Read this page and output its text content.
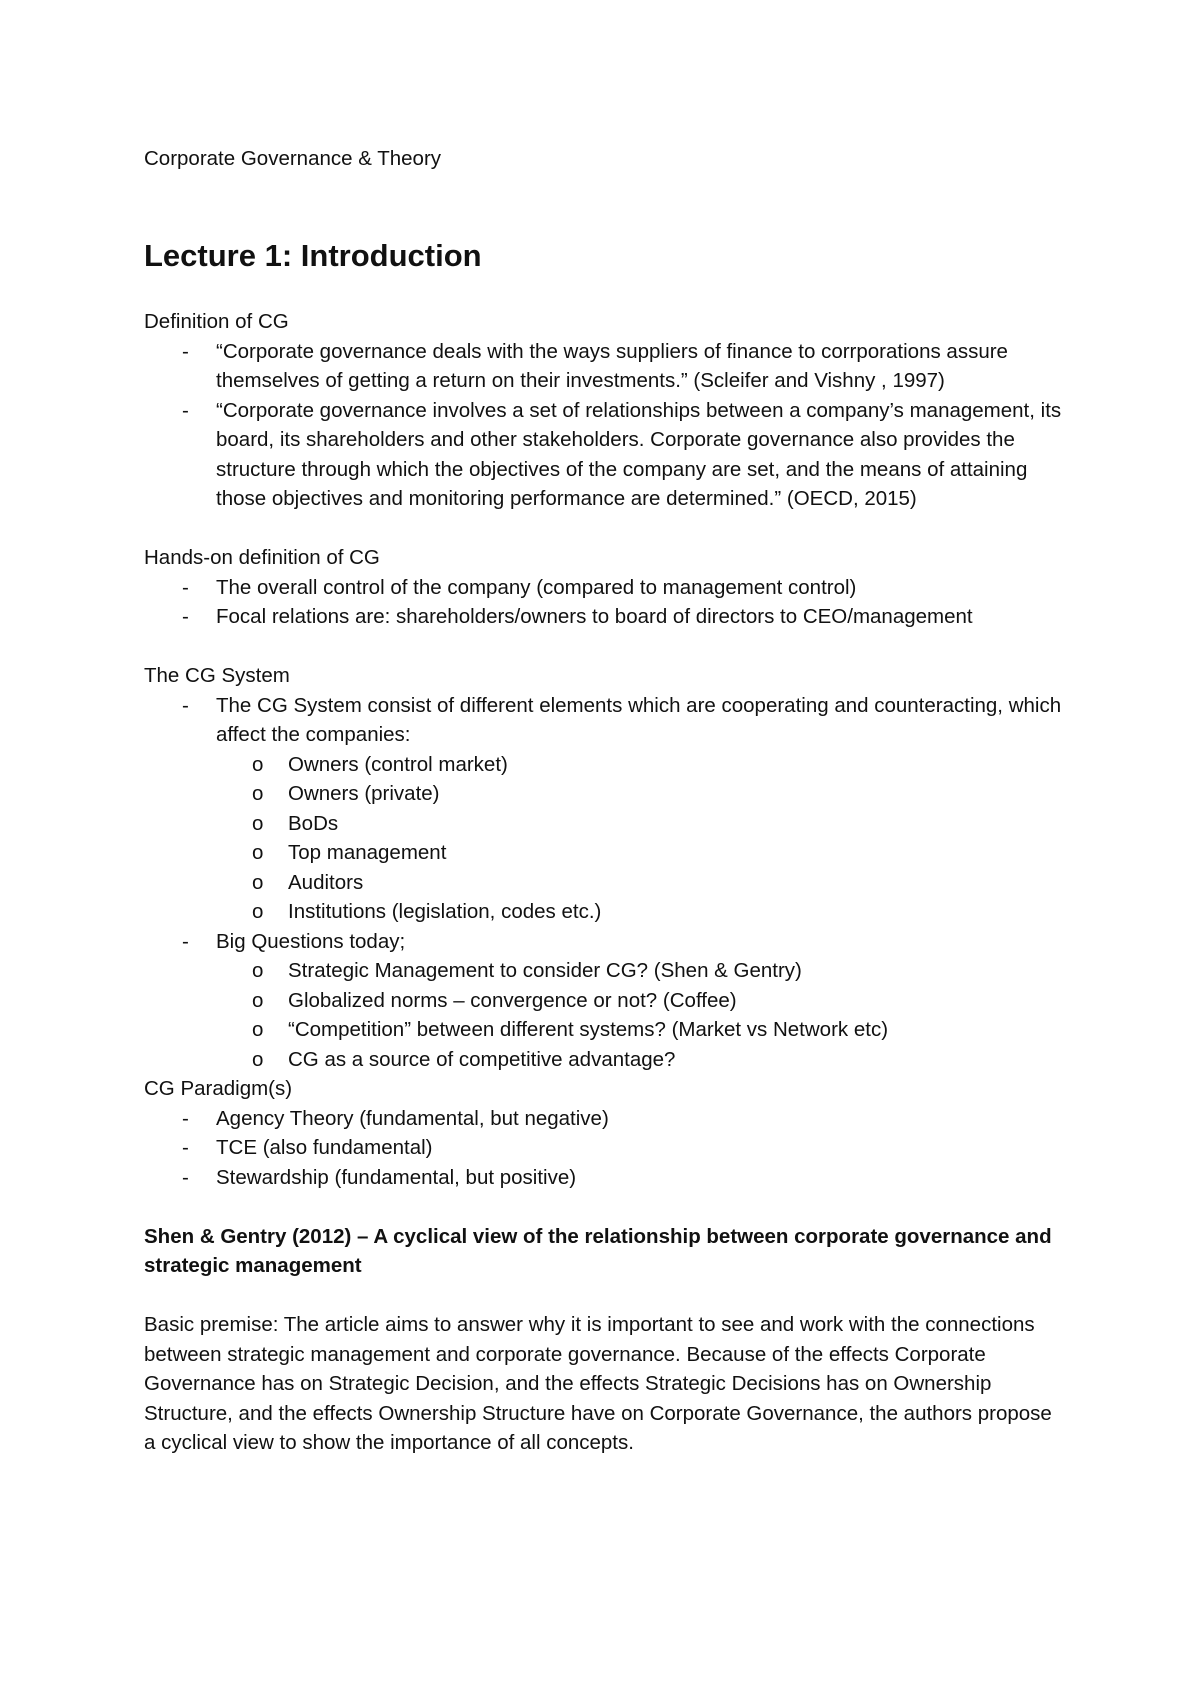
Corporate Governance & Theory

Lecture 1: Introduction

Definition of CG

- “Corporate governance deals with the ways suppliers of finance to corrporations assure themselves of getting a return on their investments.” (Scleifer and Vishny , 1997)
- “Corporate governance involves a set of relationships between a company’s management, its board, its shareholders and other stakeholders. Corporate governance also provides the structure through which the objectives of the company are set, and the means of attaining those objectives and monitoring performance are determined.” (OECD, 2015)

Hands-on definition of CG

- The overall control of the company (compared to management control)
- Focal relations are: shareholders/owners to board of directors to CEO/management

The CG System

- The CG System consist of different elements which are cooperating and counteracting, which affect the companies:
o Owners (control market)
o Owners (private)
o BoDs
o Top management
o Auditors
o Institutions (legislation, codes etc.)
- Big Questions today;
o Strategic Management to consider CG? (Shen & Gentry)
o Globalized norms – convergence or not? (Coffee)
o “Competition” between different systems? (Market vs Network etc)
o CG as a source of competitive advantage?

CG Paradigm(s)

- Agency Theory (fundamental, but negative)
- TCE (also fundamental)
- Stewardship (fundamental, but positive)

Shen & Gentry (2012) – A cyclical view of the relationship between corporate governance and strategic management

Basic premise: The article aims to answer why it is important to see and work with the connections between strategic management and corporate governance. Because of the effects Corporate Governance has on Strategic Decision, and the effects Strategic Decisions has on Ownership Structure, and the effects Ownership Structure have on Corporate Governance, the authors propose a cyclical view to show the importance of all concepts.
